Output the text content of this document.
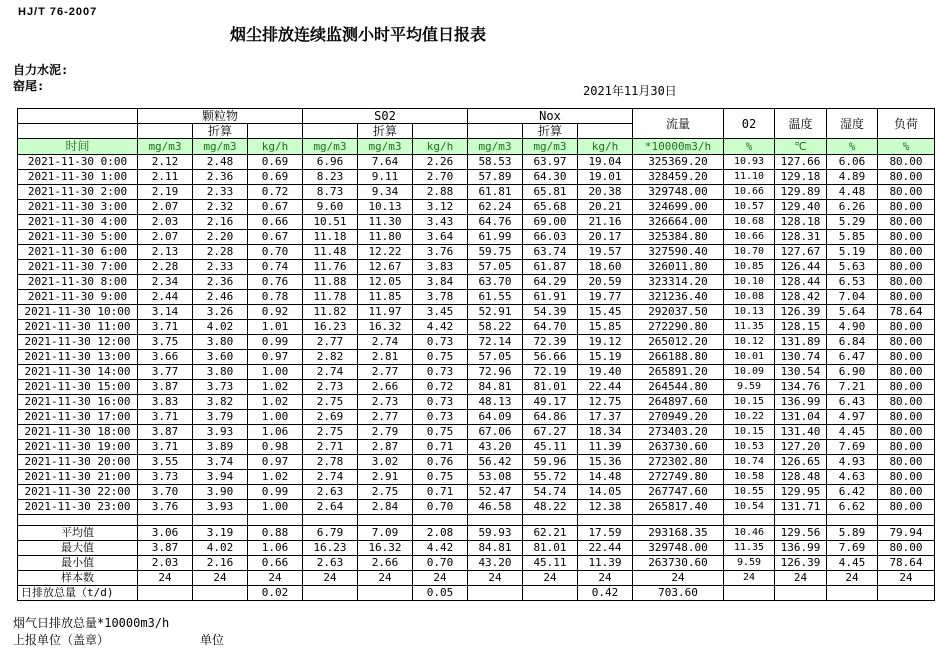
HJ/T 76-2007
烟尘排放连续监测小时平均值日报表
自力水泥:
窑尾:	2021年11月30日
	颗粒物			S02			Nox			流量	02	温度	湿度	负荷
		折算			折算			折算						
时间	mg/m3	mg/m3	kg/h	mg/m3	mg/m3	kg/h	mg/m3	mg/m3	kg/h	*10000m3/h	%	℃	%	%
2021-11-30 0:00	2.12	2.48	0.69	6.96	7.64	2.26	58.53	63.97	19.04	325369.20	10.93	127.66	6.06	80.00
2021-11-30 1:00	2.11	2.36	0.69	8.23	9.11	2.70	57.89	64.30	19.01	328459.20	11.10	129.18	4.89	80.00
2021-11-30 2:00	2.19	2.33	0.72	8.73	9.34	2.88	61.81	65.81	20.38	329748.00	10.66	129.89	4.48	80.00
2021-11-30 3:00	2.07	2.32	0.67	9.60	10.13	3.12	62.24	65.68	20.21	324699.00	10.57	129.40	6.26	80.00
2021-11-30 4:00	2.03	2.16	0.66	10.51	11.30	3.43	64.76	69.00	21.16	326664.00	10.68	128.18	5.29	80.00
2021-11-30 5:00	2.07	2.20	0.67	11.18	11.80	3.64	61.99	66.03	20.17	325384.80	10.66	128.31	5.85	80.00
2021-11-30 6:00	2.13	2.28	0.70	11.48	12.22	3.76	59.75	63.74	19.57	327590.40	10.70	127.67	5.19	80.00
2021-11-30 7:00	2.28	2.33	0.74	11.76	12.67	3.83	57.05	61.87	18.60	326011.80	10.85	126.44	5.63	80.00
2021-11-30 8:00	2.34	2.36	0.76	11.88	12.05	3.84	63.70	64.29	20.59	323314.20	10.10	128.44	6.53	80.00
2021-11-30 9:00	2.44	2.46	0.78	11.78	11.85	3.78	61.55	61.91	19.77	321236.40	10.08	128.42	7.04	80.00
2021-11-30 10:00	3.14	3.26	0.92	11.82	11.97	3.45	52.91	54.39	15.45	292037.50	10.13	126.39	5.64	78.64
2021-11-30 11:00	3.71	4.02	1.01	16.23	16.32	4.42	58.22	64.70	15.85	272290.80	11.35	128.15	4.90	80.00
2021-11-30 12:00	3.75	3.80	0.99	2.77	2.74	0.73	72.14	72.39	19.12	265012.20	10.12	131.89	6.84	80.00
2021-11-30 13:00	3.66	3.60	0.97	2.82	2.81	0.75	57.05	56.66	15.19	266188.80	10.01	130.74	6.47	80.00
2021-11-30 14:00	3.77	3.80	1.00	2.74	2.77	0.73	72.96	72.19	19.40	265891.20	10.09	130.54	6.90	80.00
2021-11-30 15:00	3.87	3.73	1.02	2.73	2.66	0.72	84.81	81.01	22.44	264544.80	9.59	134.76	7.21	80.00
2021-11-30 16:00	3.83	3.82	1.02	2.75	2.73	0.73	48.13	49.17	12.75	264897.60	10.15	136.99	6.43	80.00
2021-11-30 17:00	3.71	3.79	1.00	2.69	2.77	0.73	64.09	64.86	17.37	270949.20	10.22	131.04	4.97	80.00
2021-11-30 18:00	3.87	3.93	1.06	2.75	2.79	0.75	67.06	67.27	18.34	273403.20	10.15	131.40	4.45	80.00
2021-11-30 19:00	3.71	3.89	0.98	2.71	2.87	0.71	43.20	45.11	11.39	263730.60	10.53	127.20	7.69	80.00
2021-11-30 20:00	3.55	3.74	0.97	2.78	3.02	0.76	56.42	59.96	15.36	272302.80	10.74	126.65	4.93	80.00
2021-11-30 21:00	3.73	3.94	1.02	2.74	2.91	0.75	53.08	55.72	14.48	272749.80	10.58	128.48	4.63	80.00
2021-11-30 22:00	3.70	3.90	0.99	2.63	2.75	0.71	52.47	54.74	14.05	267747.60	10.55	129.95	6.42	80.00
2021-11-30 23:00	3.76	3.93	1.00	2.64	2.84	0.70	46.58	48.22	12.38	265817.40	10.54	131.71	6.62	80.00

平均值	3.06	3.19	0.88	6.79	7.09	2.08	59.93	62.21	17.59	293168.35	10.46	129.56	5.89	79.94
最大值	3.87	4.02	1.06	16.23	16.32	4.42	84.81	81.01	22.44	329748.00	11.35	136.99	7.69	80.00
最小值	2.03	2.16	0.66	2.63	2.66	0.70	43.20	45.11	11.39	263730.60	9.59	126.39	4.45	78.64
样本数	24	24	24	24	24	24	24	24	24	24	24	24	24	24
日排放总量（t/d)			0.02			0.05			0.42	703.60				
烟气日排放总量*10000m3/h
上报单位（盖章）	单位
